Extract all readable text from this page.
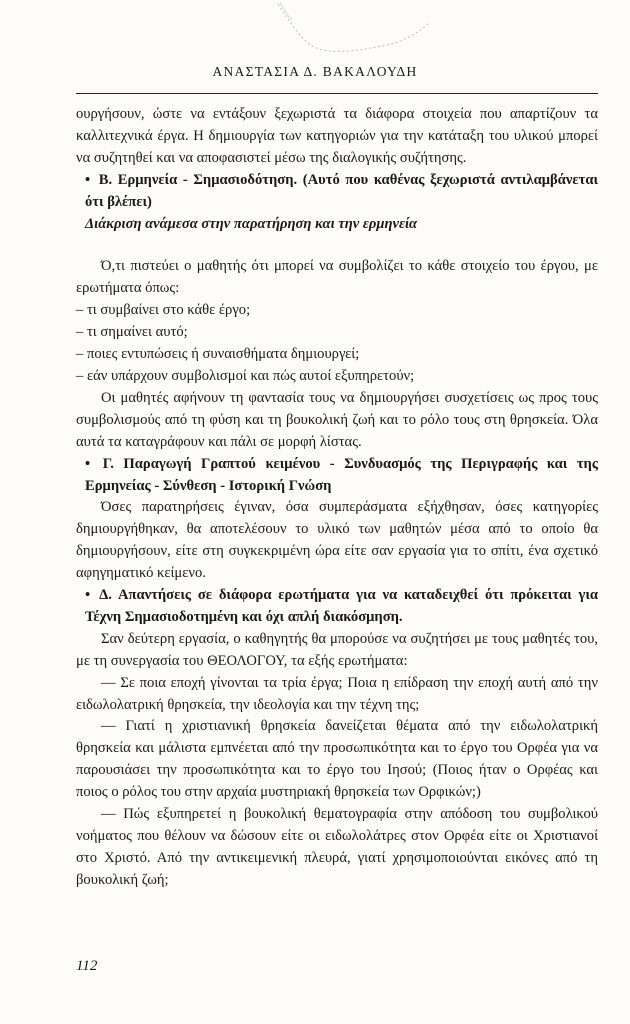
ΑΝΑΣΤΑΣΙΑ Δ. ΒΑΚΑΛΟΥΔΗ

ουργήσουν, ώστε να εντάξουν ξεχωριστά τα διάφορα στοιχεία που απαρτίζουν τα καλλιτεχνικά έργα. Η δημιουργία των κατηγοριών για την κατάταξη του υλικού μπορεί να συζητηθεί και να αποφασιστεί μέσω της διαλογικής συζήτησης.

• Β. Ερμηνεία - Σημασιοδότηση. (Αυτό που καθένας ξεχωριστά αντιλαμβάνεται ότι βλέπει)

Διάκριση ανάμεσα στην παρατήρηση και την ερμηνεία

Ό,τι πιστεύει ο μαθητής ότι μπορεί να συμβολίζει το κάθε στοιχείο του έργου, με ερωτήματα όπως:

– τι συμβαίνει στο κάθε έργο;

– τι σημαίνει αυτό;

– ποιες εντυπώσεις ή συναισθήματα δημιουργεί;

– εάν υπάρχουν συμβολισμοί και πώς αυτοί εξυπηρετούν;

Οι μαθητές αφήνουν τη φαντασία τους να δημιουργήσει συσχετίσεις ως προς τους συμβολισμούς από τη φύση και τη βουκολική ζωή και το ρόλο τους στη θρησκεία. Όλα αυτά τα καταγράφουν και πάλι σε μορφή λίστας.

• Γ. Παραγωγή Γραπτού κειμένου - Συνδυασμός της Περιγραφής και της Ερμηνείας - Σύνθεση - Ιστορική Γνώση

Όσες παρατηρήσεις έγιναν, όσα συμπεράσματα εξήχθησαν, όσες κατηγορίες δημιουργήθηκαν, θα αποτελέσουν το υλικό των μαθητών μέσα από το οποίο θα δημιουργήσουν, είτε στη συγκεκριμένη ώρα είτε σαν εργασία για το σπίτι, ένα σχετικό αφηγηματικό κείμενο.

• Δ. Απαντήσεις σε διάφορα ερωτήματα για να καταδειχθεί ότι πρόκειται για Τέχνη Σημασιοδοτημένη και όχι απλή διακόσμηση.

Σαν δεύτερη εργασία, ο καθηγητής θα μπορούσε να συζητήσει με τους μαθητές του, με τη συνεργασία του ΘΕΟΛΟΓΟΥ, τα εξής ερωτήματα:

— Σε ποια εποχή γίνονται τα τρία έργα; Ποια η επίδραση την εποχή αυτή από την ειδωλολατρική θρησκεία, την ιδεολογία και την τέχνη της;

— Γιατί η χριστιανική θρησκεία δανείζεται θέματα από την ειδωλολατρική θρησκεία και μάλιστα εμπνέεται από την προσωπικότητα και το έργο του Ορφέα για να παρουσιάσει την προσωπικότητα και το έργο του Ιησού; (Ποιος ήταν ο Ορφέας και ποιος ο ρόλος του στην αρχαία μυστηριακή θρησκεία των Ορφικών;)

— Πώς εξυπηρετεί η βουκολική θεματογραφία στην απόδοση του συμβολικού νοήματος που θέλουν να δώσουν είτε οι ειδωλολάτρες στον Ορφέα είτε οι Χριστιανοί στο Χριστό. Από την αντικειμενική πλευρά, γιατί χρησιμοποιούνται εικόνες από τη βουκολική ζωή;

112
